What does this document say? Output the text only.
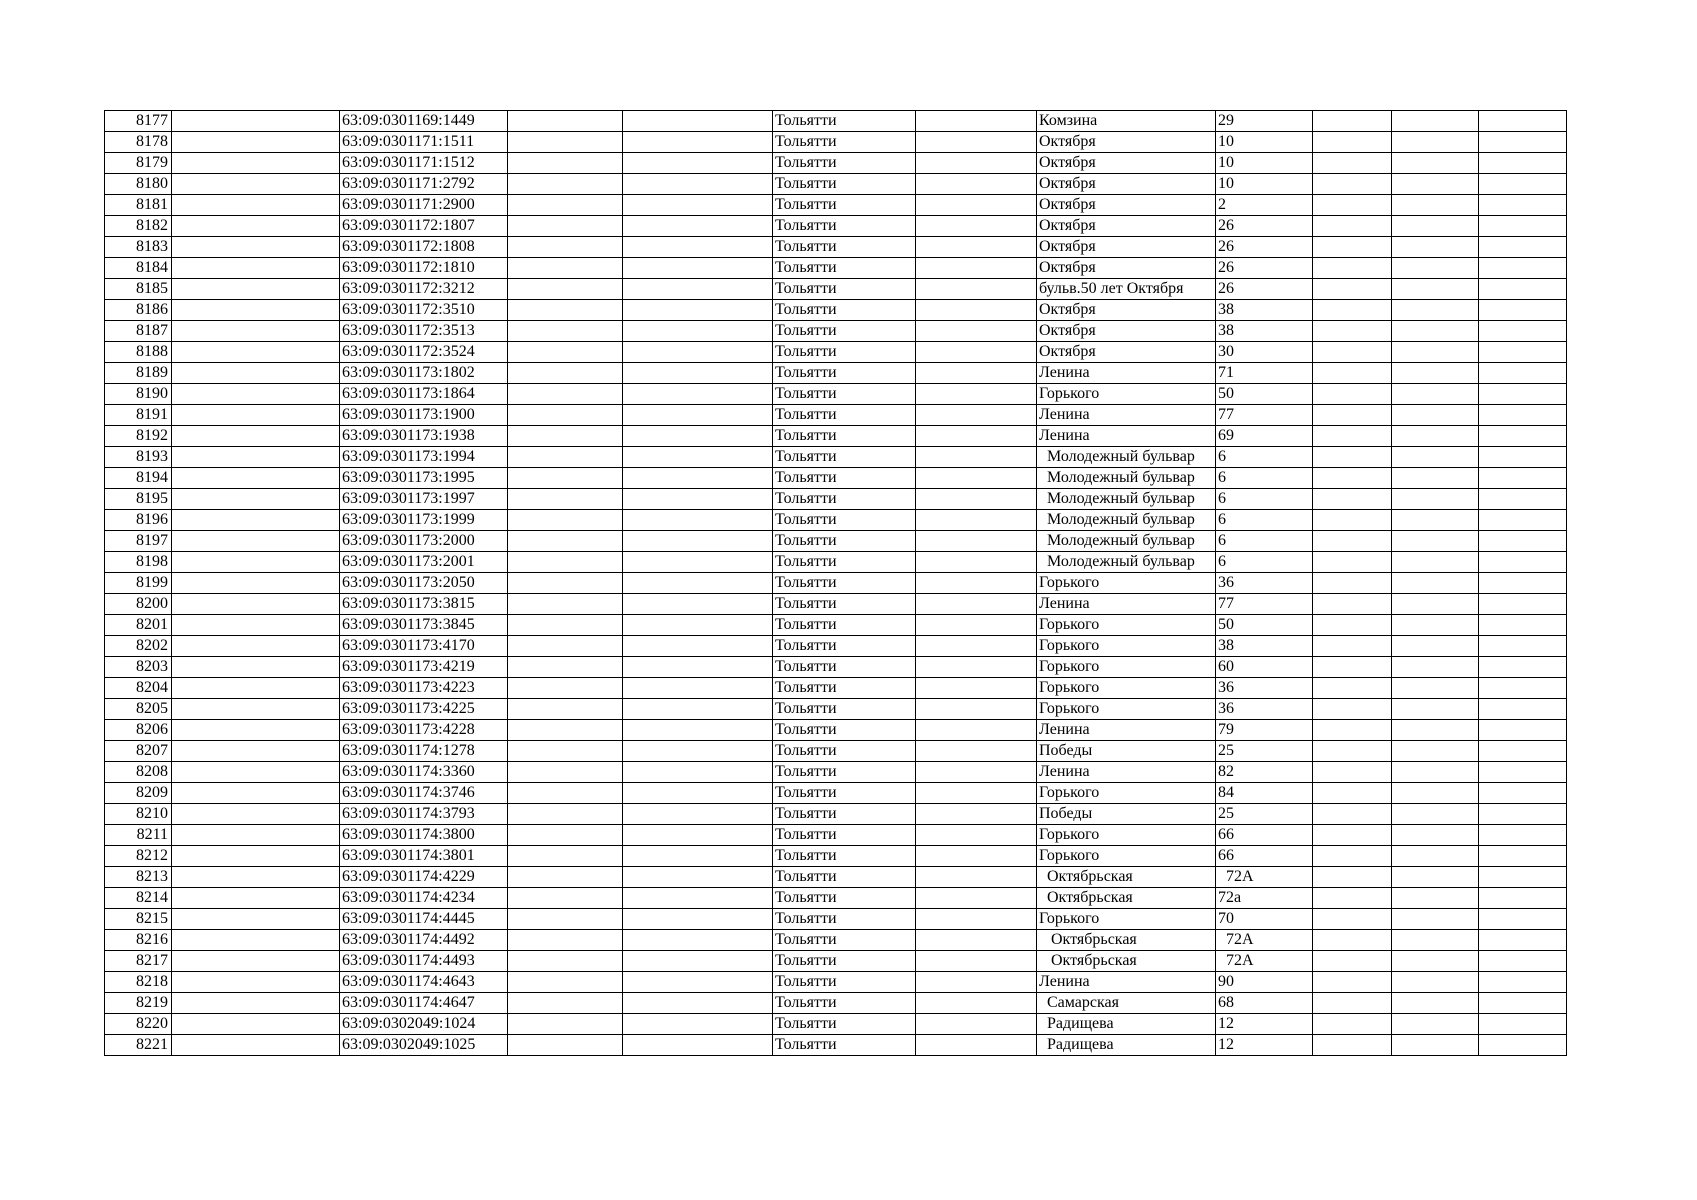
8177		63:09:0301169:1449			Тольятти		Комзина	29			
8178		63:09:0301171:1511			Тольятти		Октября	10			
8179		63:09:0301171:1512			Тольятти		Октября	10			
8180		63:09:0301171:2792			Тольятти		Октября	10			
8181		63:09:0301171:2900			Тольятти		Октября	2			
8182		63:09:0301172:1807			Тольятти		Октября	26			
8183		63:09:0301172:1808			Тольятти		Октября	26			
8184		63:09:0301172:1810			Тольятти		Октября	26			
8185		63:09:0301172:3212			Тольятти		бульв.50 лет Октября	26			
8186		63:09:0301172:3510			Тольятти		Октября	38			
8187		63:09:0301172:3513			Тольятти		Октября	38			
8188		63:09:0301172:3524			Тольятти		Октября	30			
8189		63:09:0301173:1802			Тольятти		Ленина	71			
8190		63:09:0301173:1864			Тольятти		Горького	50			
8191		63:09:0301173:1900			Тольятти		Ленина	77			
8192		63:09:0301173:1938			Тольятти		Ленина	69			
8193		63:09:0301173:1994			Тольятти		Молодежный бульвар	6			
8194		63:09:0301173:1995			Тольятти		Молодежный бульвар	6			
8195		63:09:0301173:1997			Тольятти		Молодежный бульвар	6			
8196		63:09:0301173:1999			Тольятти		Молодежный бульвар	6			
8197		63:09:0301173:2000			Тольятти		Молодежный бульвар	6			
8198		63:09:0301173:2001			Тольятти		Молодежный бульвар	6			
8199		63:09:0301173:2050			Тольятти		Горького	36			
8200		63:09:0301173:3815			Тольятти		Ленина	77			
8201		63:09:0301173:3845			Тольятти		Горького	50			
8202		63:09:0301173:4170			Тольятти		Горького	38			
8203		63:09:0301173:4219			Тольятти		Горького	60			
8204		63:09:0301173:4223			Тольятти		Горького	36			
8205		63:09:0301173:4225			Тольятти		Горького	36			
8206		63:09:0301173:4228			Тольятти		Ленина	79			
8207		63:09:0301174:1278			Тольятти		Победы	25			
8208		63:09:0301174:3360			Тольятти		Ленина	82			
8209		63:09:0301174:3746			Тольятти		Горького	84			
8210		63:09:0301174:3793			Тольятти		Победы	25			
8211		63:09:0301174:3800			Тольятти		Горького	66			
8212		63:09:0301174:3801			Тольятти		Горького	66			
8213		63:09:0301174:4229			Тольятти		Октябрьская	72А			
8214		63:09:0301174:4234			Тольятти		Октябрьская	72а			
8215		63:09:0301174:4445			Тольятти		Горького	70			
8216		63:09:0301174:4492			Тольятти		Октябрьская	72А			
8217		63:09:0301174:4493			Тольятти		Октябрьская	72А			
8218		63:09:0301174:4643			Тольятти		Ленина	90			
8219		63:09:0301174:4647			Тольятти		Самарская	68			
8220		63:09:0302049:1024			Тольятти		Радищева	12			
8221		63:09:0302049:1025			Тольятти		Радищева	12			
